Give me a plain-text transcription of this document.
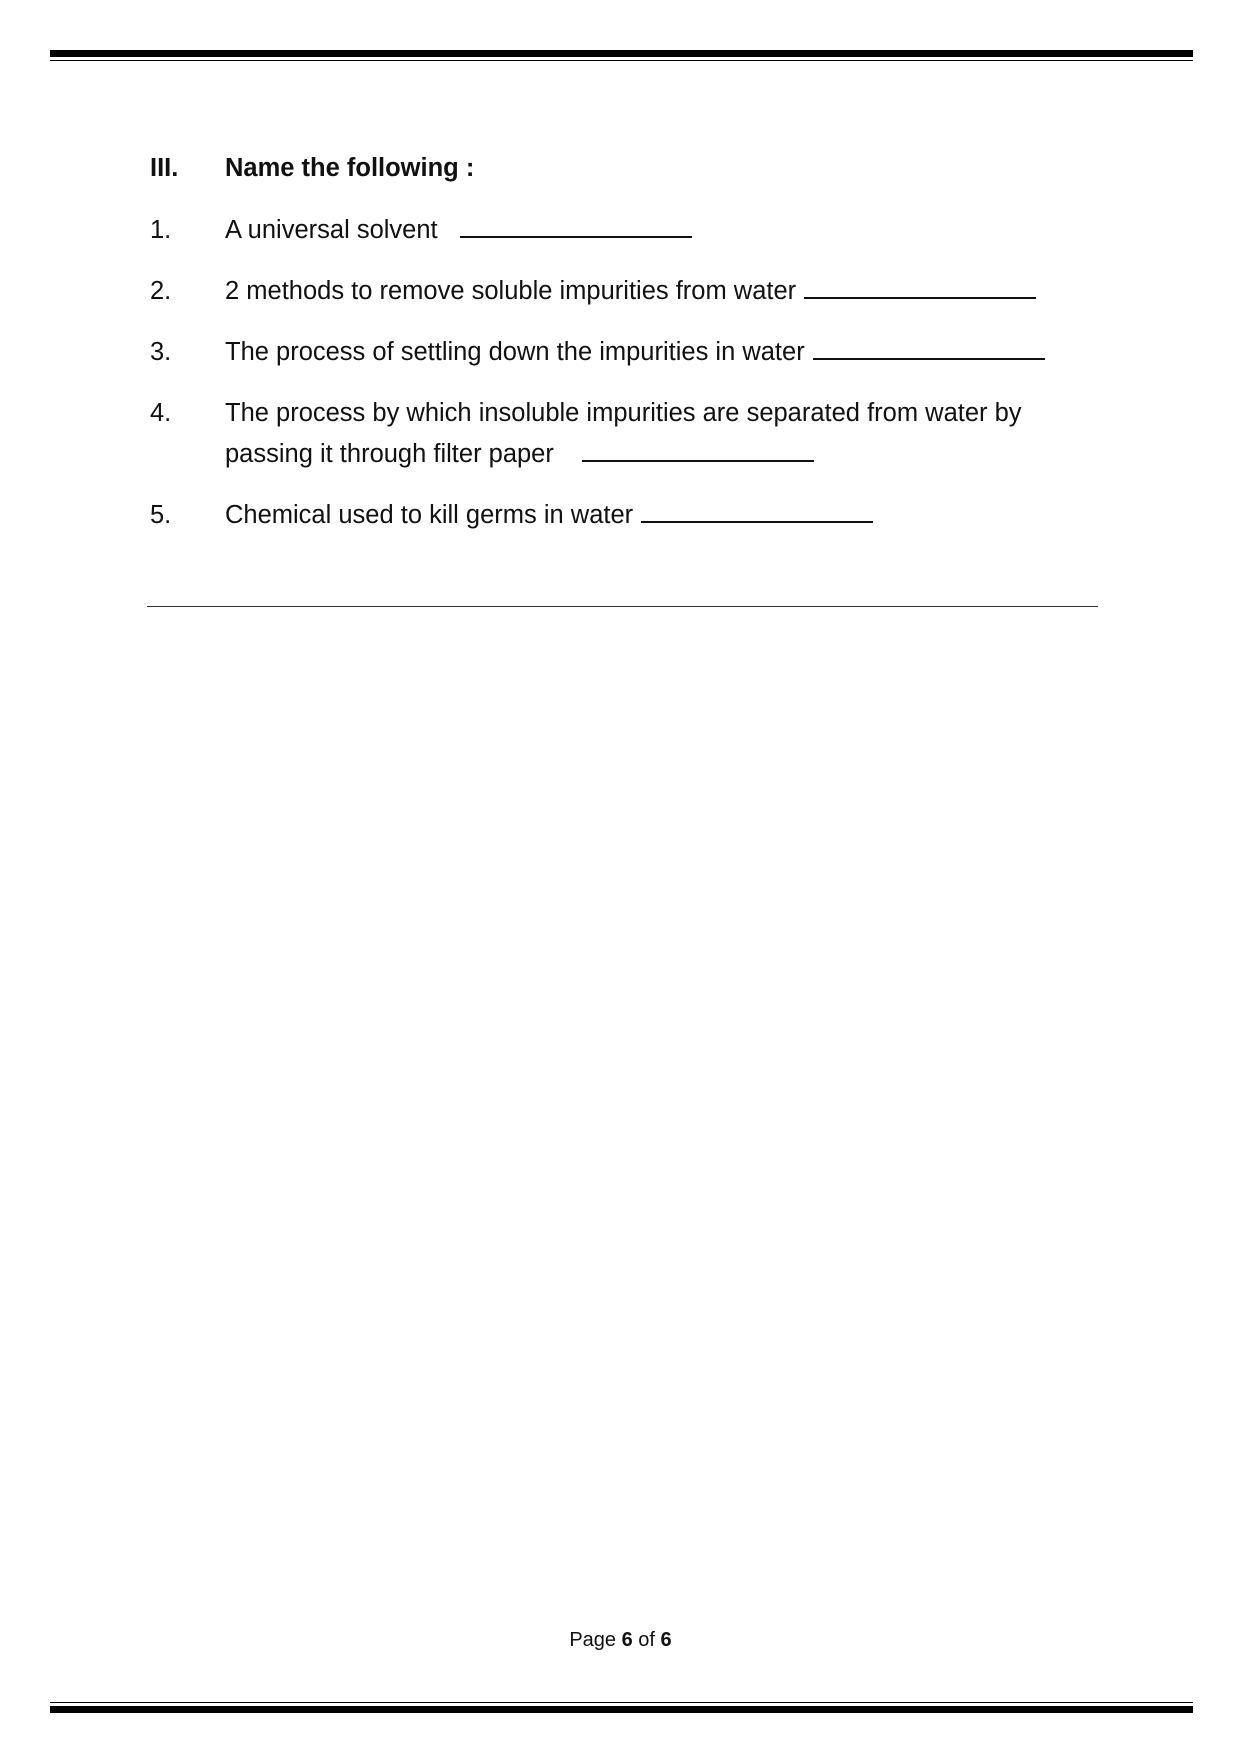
III. Name the following :
1. A universal solvent
2. 2 methods to remove soluble impurities from water
3. The process of settling down the impurities in water
4. The process by which insoluble impurities are separated from water by
passing it through filter paper
5. Chemical used to kill germs in water
Page 6 of 6
